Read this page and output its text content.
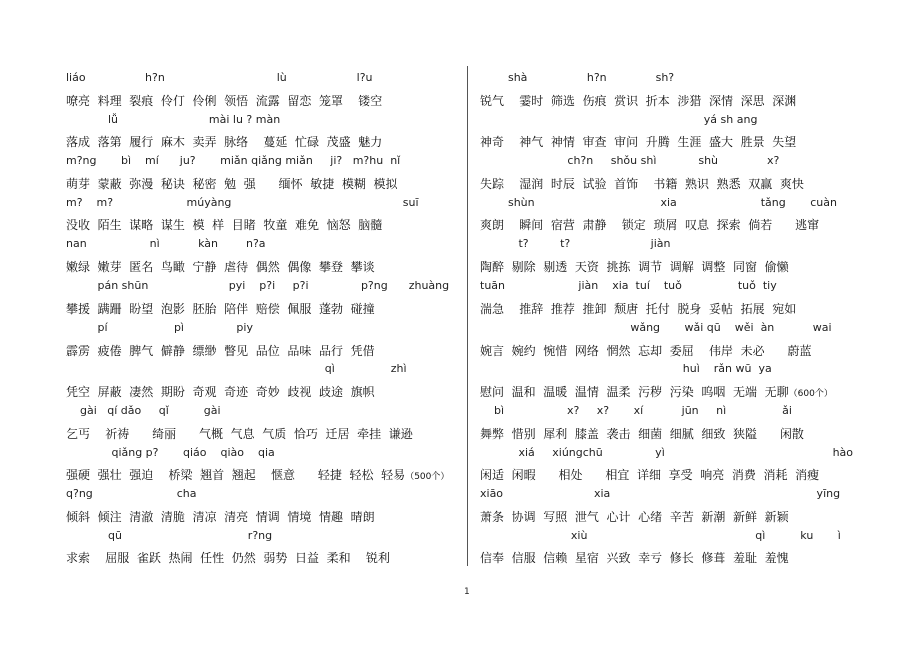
liáo                 h?n                                lù                    l?u
嘹亮  料理  裂痕  伶仃  伶俐  领悟  流露  留恋  笼罩    镂空
lǚ                          mài lu ? màn
落成  落第  履行  麻木  卖弄  脉络    蔓延  忙碌  茂盛  魅力
m?ng       bì    mí      ju?       miǎn qiǎng miǎn     ji?   m?hu  nǐ
萌芽  蒙蔽  弥漫  秘诀  秘密  勉  强      缅怀  敏捷  模糊  模拟
m?    m?                     múyàng                                                 suī
没收  陌生  谋略  谋生  模  样  目睹  牧童  难免  恼怒  脑髓
nan                  nì           kàn        n?a
嫩绿  嫩芽  匿名  鸟瞰  宁静  虐待  偶然  偶像  攀登  攀谈
pán shūn                       pyi    p?i     p?i               p?ng      zhuàng
攀援  蹒跚  盼望  泡影  胚胎  陪伴  赔偿  佩服  蓬勃  碰撞
pí                   pì               piy
霹雳  疲倦  脾气  僻静  缥缈  瞥见  品位  品味  品行  凭借
qì                zhì
凭空  屏蔽  凄然  期盼  奇观  奇迹  奇妙  歧视  歧途  旗帜
gài   qí dǎo     qǐ          gài
乞丐    祈祷      绮丽      气概  气息  气质  恰巧  迁居  牵挂  谦逊
qiǎng p?       qiáo    qiào    qia
强硬  强壮  强迫    桥梁  翘首  翘起    惬意      轻捷  轻松  轻易（500个）
q?ng                        cha
倾斜  倾注  清澈  清脆  清凉  清亮  情调  情境  情趣  晴朗
qū                                    r?ng
求索    屈服  雀跃  热闹  任性  仍然  弱势  日益  柔和    锐利
shà                 h?n              sh?
锐气    霎时  筛选  伤痕  赏识  折本  涉猎  深情  深思  深渊
yá sh ang
神奇    神气  神情  审查  审问  升腾  生涯  盛大  胜景  失望
ch?n     shǒu shì            shù              x?
失踪    湿润  时辰  试验  首饰    书籍  熟识  熟悉  双赢  爽快
shùn                                    xia                        tǎng       cuàn
爽朗    瞬间  宿营  肃静    锁定  琐屑  叹息  探索  倘若      逃窜
t?         t?                       jiàn
陶醉  剔除  剔透  天资  挑拣  调节  调解  调整  同窗  偷懒
tuān                     jiàn    xia  tuí    tuǒ                tuǒ  tiy
湍急    推辞  推荐  推卸  颓唐  托付  脱身  妥帖  拓展  宛如
wǎng       wǎi qū    wěi  àn           wai
婉言  婉约  惋惜  网络  惘然  忘却  委屈    伟岸  未必      蔚蓝
huì    rǎn wū  ya
慰问  温和  温暖  温情  温柔  污秽  污染  呜咽  无端  无聊（600个）
bì                  x?     x?       xí           jūn     nì                ǎi
舞弊  惜别  犀利  膝盖  袭击  细菌  细腻  细致  狭隘      闲散
xiá     xiúngchū               yì                                                hào
闲适  闲暇      相处      相宜  详细  享受  响亮  消费  消耗  消瘦
xiāo                          xia                                                           yīng
萧条  协调  写照  泄气  心计  心绪  辛苦  新潮  新鲜  新颖
xiù                                                qì          ku       ì
信奉  信服  信赖  星宿  兴致  幸亏  修长  修葺  羞耻  羞愧
1
